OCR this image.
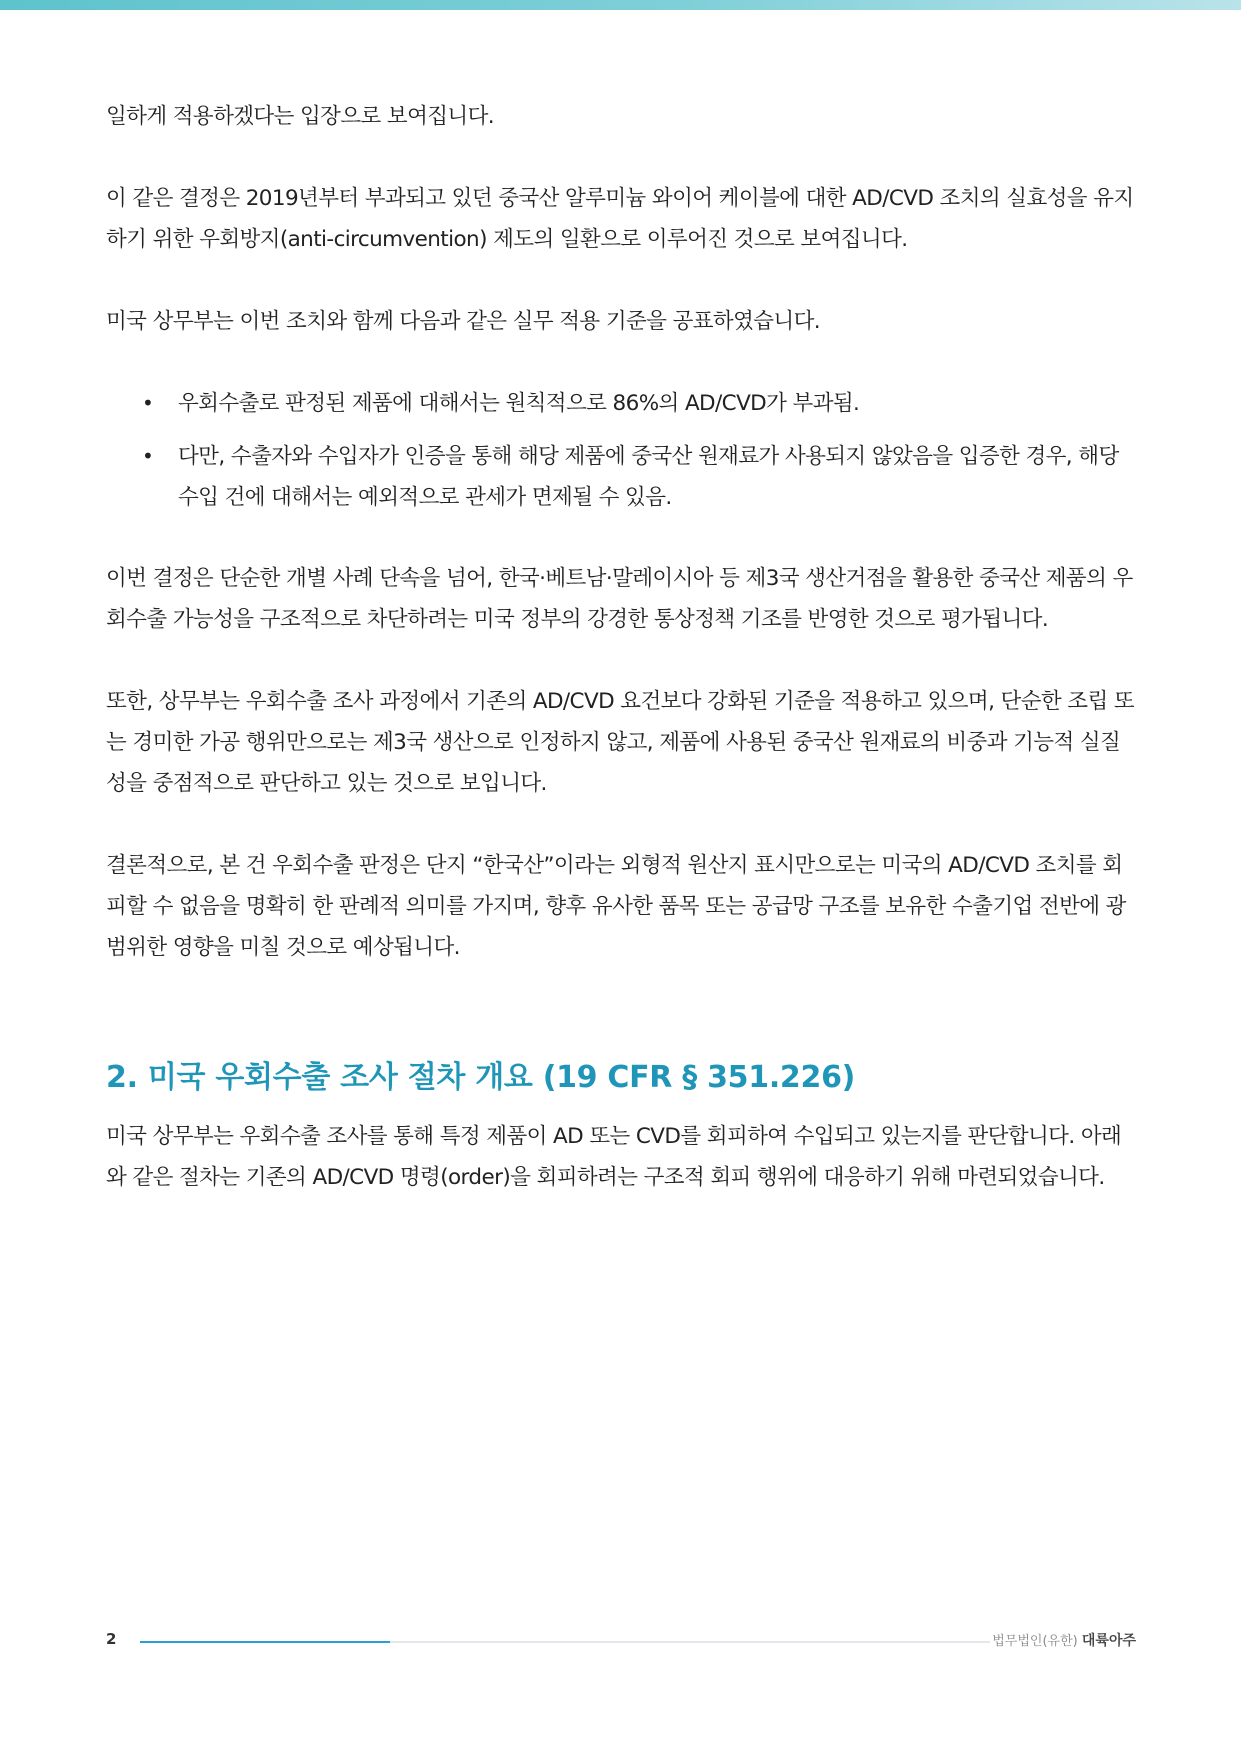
일하게 적용하겠다는 입장으로 보여집니다.

이 같은 결정은 2019년부터 부과되고 있던 중국산 알루미늄 와이어 케이블에 대한 AD/CVD 조치의 실효성을 유지하기 위한 우회방지(anti-circumvention) 제도의 일환으로 이루어진 것으로 보여집니다.

미국 상무부는 이번 조치와 함께 다음과 같은 실무 적용 기준을 공표하였습니다.

• 우회수출로 판정된 제품에 대해서는 원칙적으로 86%의 AD/CVD가 부과됨.
• 다만, 수출자와 수입자가 인증을 통해 해당 제품에 중국산 원재료가 사용되지 않았음을 입증한 경우, 해당 수입 건에 대해서는 예외적으로 관세가 면제될 수 있음.

이번 결정은 단순한 개별 사례 단속을 넘어, 한국·베트남·말레이시아 등 제3국 생산거점을 활용한 중국산 제품의 우회수출 가능성을 구조적으로 차단하려는 미국 정부의 강경한 통상정책 기조를 반영한 것으로 평가됩니다.

또한, 상무부는 우회수출 조사 과정에서 기존의 AD/CVD 요건보다 강화된 기준을 적용하고 있으며, 단순한 조립 또는 경미한 가공 행위만으로는 제3국 생산으로 인정하지 않고, 제품에 사용된 중국산 원재료의 비중과 기능적 실질성을 중점적으로 판단하고 있는 것으로 보입니다.

결론적으로, 본 건 우회수출 판정은 단지 “한국산”이라는 외형적 원산지 표시만으로는 미국의 AD/CVD 조치를 회피할 수 없음을 명확히 한 판례적 의미를 가지며, 향후 유사한 품목 또는 공급망 구조를 보유한 수출기업 전반에 광범위한 영향을 미칠 것으로 예상됩니다.

2. 미국 우회수출 조사 절차 개요 (19 CFR § 351.226)

미국 상무부는 우회수출 조사를 통해 특정 제품이 AD 또는 CVD를 회피하여 수입되고 있는지를 판단합니다. 아래와 같은 절차는 기존의 AD/CVD 명령(order)을 회피하려는 구조적 회피 행위에 대응하기 위해 마련되었습니다.

2	법무법인(유한) 대륙아주
